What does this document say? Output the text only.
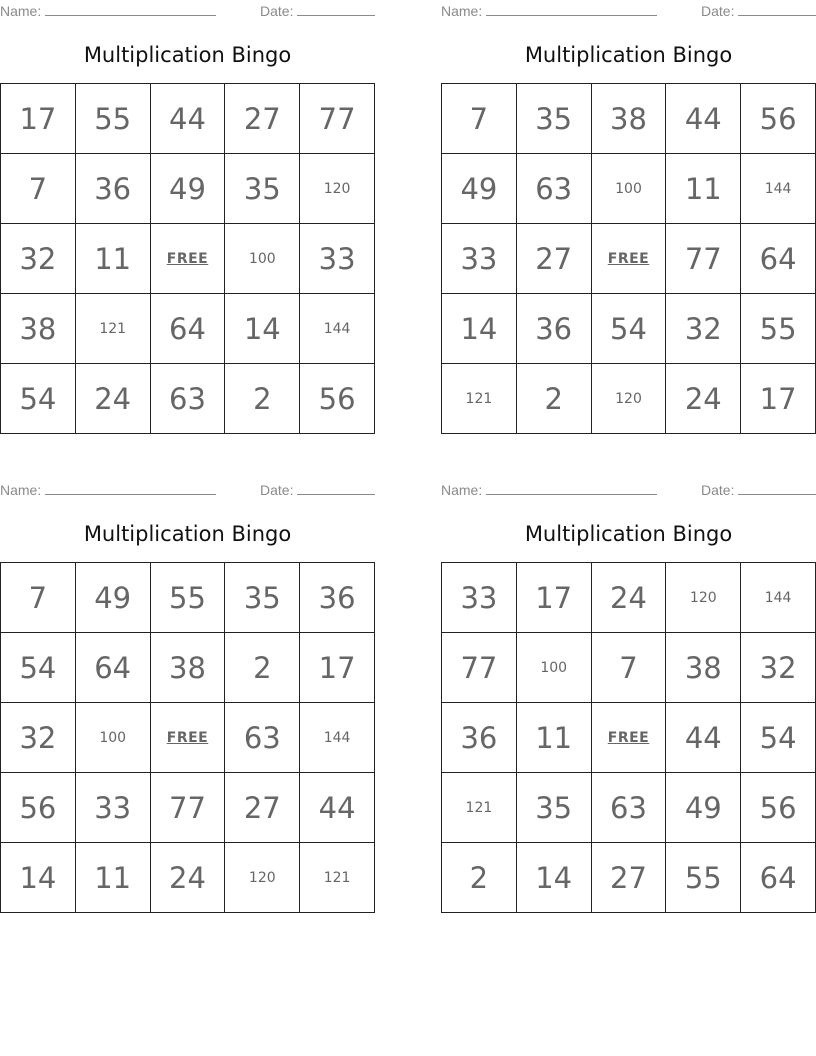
Name:	Date:
Multiplication Bingo
17	55	44	27	77
7	36	49	35	120
32	11	FREE	100	33
38	121	64	14	144
54	24	63	2	56
Name:	Date:
Multiplication Bingo
7	35	38	44	56
49	63	100	11	144
33	27	FREE	77	64
14	36	54	32	55
121	2	120	24	17
Name:	Date:
Multiplication Bingo
7	49	55	35	36
54	64	38	2	17
32	100	FREE	63	144
56	33	77	27	44
14	11	24	120	121
Name:	Date:
Multiplication Bingo
33	17	24	120	144
77	100	7	38	32
36	11	FREE	44	54
121	35	63	49	56
2	14	27	55	64
